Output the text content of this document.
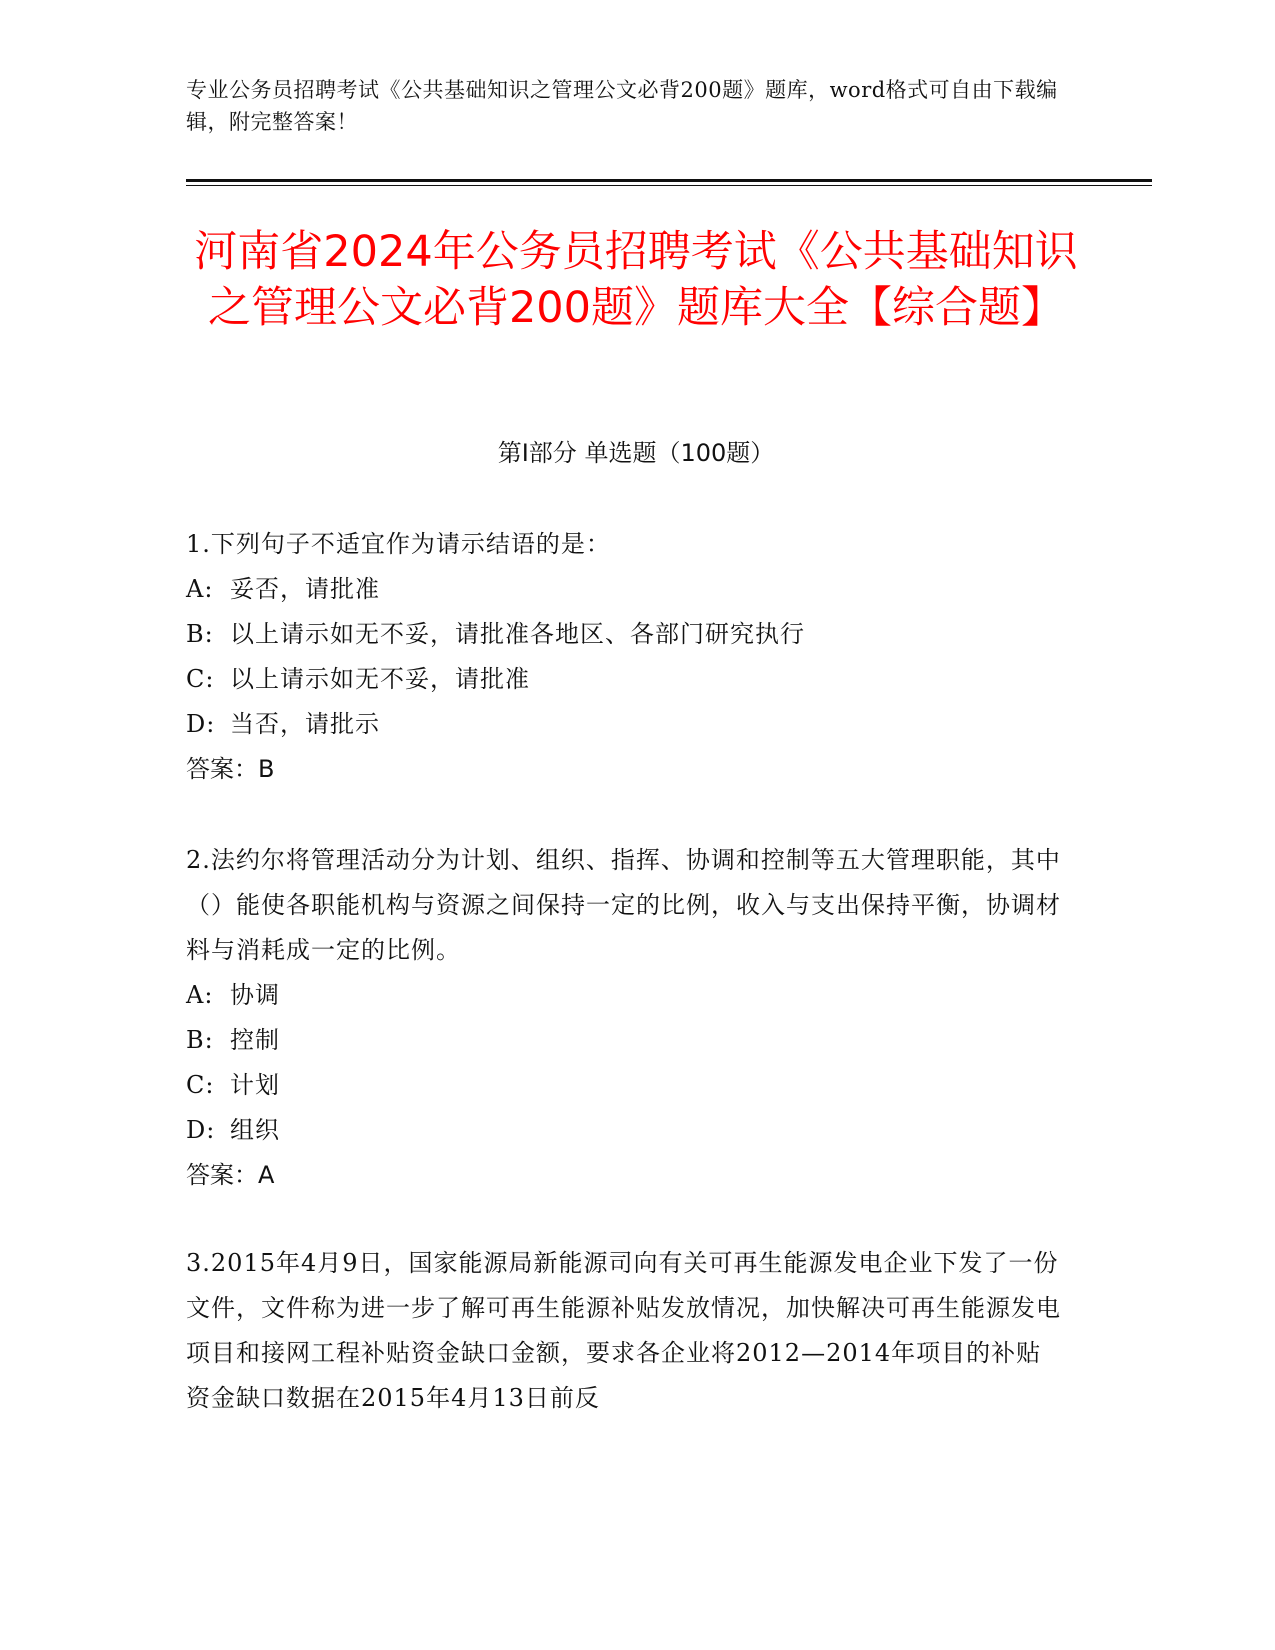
专业公务员招聘考试《公共基础知识之管理公文必背200题》题库，word格式可自由下载编辑，附完整答案！
河南省2024年公务员招聘考试《公共基础知识之管理公文必背200题》题库大全【综合题】
第I部分 单选题（100题）
1.下列句子不适宜作为请示结语的是：
A: 妥否，请批准
B: 以上请示如无不妥，请批准各地区、各部门研究执行
C: 以上请示如无不妥，请批准
D: 当否，请批示
答案：B
2.法约尔将管理活动分为计划、组织、指挥、协调和控制等五大管理职能，其中（）能使各职能机构与资源之间保持一定的比例，收入与支出保持平衡，协调材料与消耗成一定的比例。
A: 协调
B: 控制
C: 计划
D: 组织
答案：A
3.2015年4月9日，国家能源局新能源司向有关可再生能源发电企业下发了一份文件，文件称为进一步了解可再生能源补贴发放情况，加快解决可再生能源发电项目和接网工程补贴资金缺口金额，要求各企业将2012—2014年项目的补贴资金缺口数据在2015年4月13日前反
